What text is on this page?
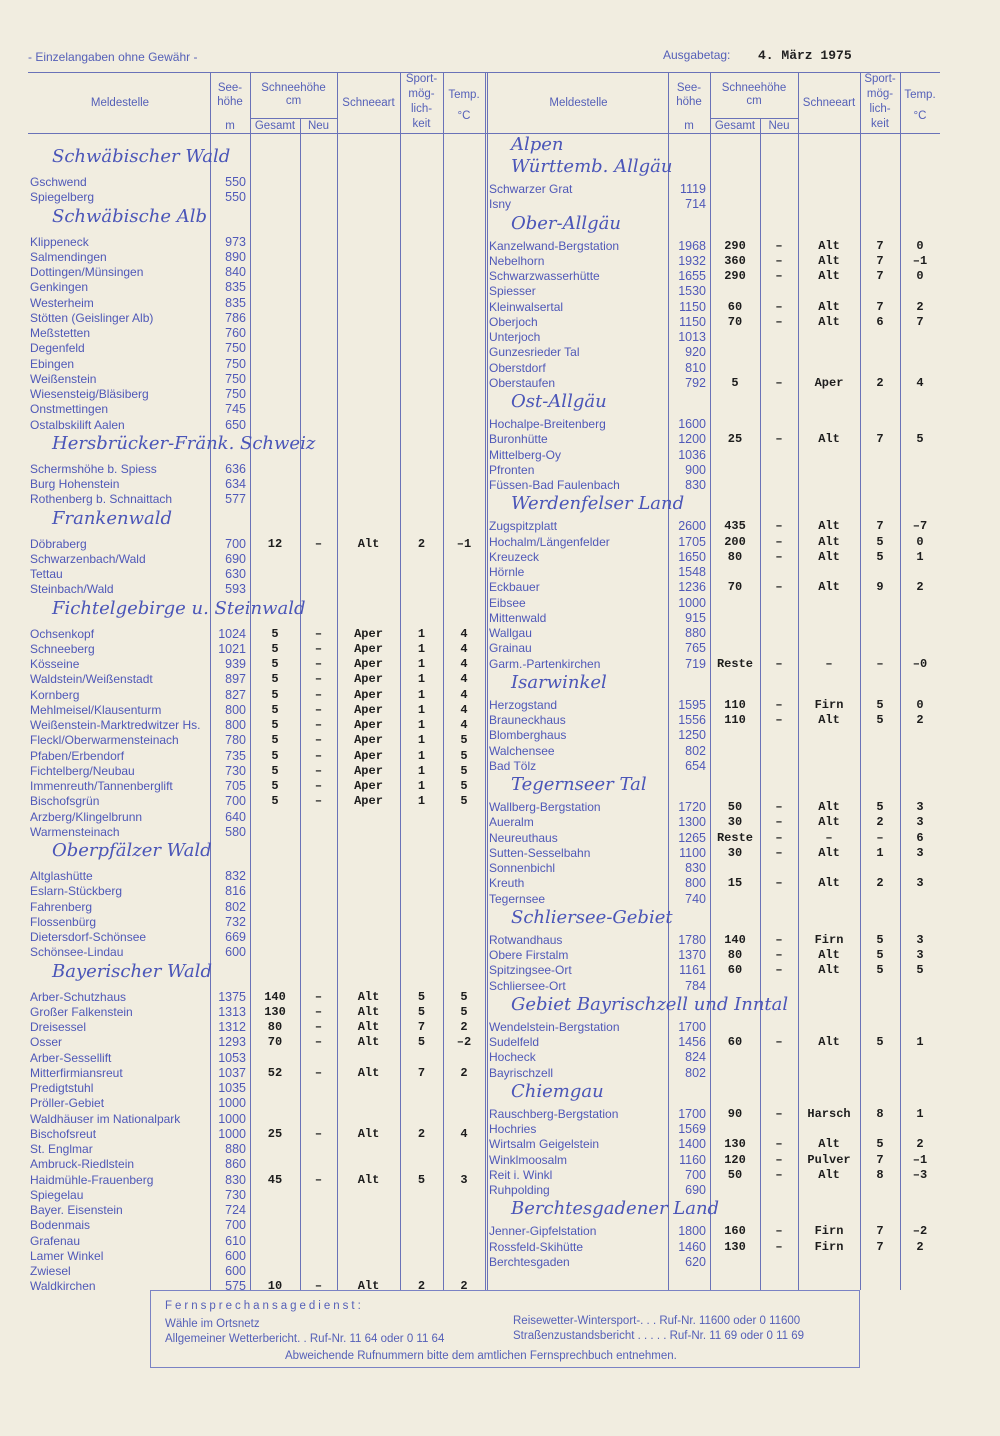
- Einzelangaben ohne Gewähr -	Ausgabetag: 4. März 1975
Meldestelle
See-
höhe
m
Schneehöhe
cm
Gesamt	Neu
Schneeart
Sport-
mög-
lich-
keit
Temp.
°C
Meldestelle
See-
höhe
m
Schneehöhe
cm
Gesamt	Neu
Schneeart
Sport-
mög-
lich-
keit
Temp.
°C
Schwäbischer Wald
Gschwend	550
Spiegelberg	550
Schwäbische Alb
Klippeneck	973
Salmendingen	890
Dottingen/Münsingen	840
Genkingen	835
Westerheim	835
Stötten (Geislinger Alb)	786
Meßstetten	760
Degenfeld	750
Ebingen	750
Weißenstein	750
Wiesensteig/Bläsiberg	750
Onstmettingen	745
Ostalbskilift Aalen	650
Hersbrücker-Fränk. Schweiz
Schermshöhe b. Spiess	636
Burg Hohenstein	634
Rothenberg b. Schnaittach	577
Frankenwald
Döbraberg	700	12	–	Alt	2	–1
Schwarzenbach/Wald	690
Tettau	630
Steinbach/Wald	593
Fichtelgebirge u. Steinwald
Ochsenkopf	1024	5	–	Aper	1	4
Schneeberg	1021	5	–	Aper	1	4
Kösseine	939	5	–	Aper	1	4
Waldstein/Weißenstadt	897	5	–	Aper	1	4
Kornberg	827	5	–	Aper	1	4
Mehlmeisel/Klausenturm	800	5	–	Aper	1	4
Weißenstein-Marktredwitzer Hs.	800	5	–	Aper	1	4
Fleckl/Oberwarmensteinach	780	5	–	Aper	1	5
Pfaben/Erbendorf	735	5	–	Aper	1	5
Fichtelberg/Neubau	730	5	–	Aper	1	5
Immenreuth/Tannenberglift	705	5	–	Aper	1	5
Bischofsgrün	700	5	–	Aper	1	5
Arzberg/Klingelbrunn	640
Warmensteinach	580
Oberpfälzer Wald
Altglashütte	832
Eslarn-Stückberg	816
Fahrenberg	802
Flossenbürg	732
Dietersdorf-Schönsee	669
Schönsee-Lindau	600
Bayerischer Wald
Arber-Schutzhaus	1375	140	–	Alt	5	5
Großer Falkenstein	1313	130	–	Alt	5	5
Dreisessel	1312	80	–	Alt	7	2
Osser	1293	70	–	Alt	5	–2
Arber-Sessellift	1053
Mitterfirmiansreut	1037	52	–	Alt	7	2
Predigtstuhl	1035
Pröller-Gebiet	1000
Waldhäuser im Nationalpark	1000
Bischofsreut	1000	25	–	Alt	2	4
St. Englmar	880
Ambruck-Riedlstein	860
Haidmühle-Frauenberg	830	45	–	Alt	5	3
Spiegelau	730
Bayer. Eisenstein	724
Bodenmais	700
Grafenau	610
Lamer Winkel	600
Zwiesel	600
Waldkirchen	575	10	–	Alt	2	2
Alpen
Württemb. Allgäu
Schwarzer Grat	1119
Isny	714
Ober-Allgäu
Kanzelwand-Bergstation	1968	290	–	Alt	7	0
Nebelhorn	1932	360	–	Alt	7	–1
Schwarzwasserhütte	1655	290	–	Alt	7	0
Spiesser	1530
Kleinwalsertal	1150	60	–	Alt	7	2
Oberjoch	1150	70	–	Alt	6	7
Unterjoch	1013
Gunzesrieder Tal	920
Oberstdorf	810
Oberstaufen	792	5	–	Aper	2	4
Ost-Allgäu
Hochalpe-Breitenberg	1600
Buronhütte	1200	25	–	Alt	7	5
Mittelberg-Oy	1036
Pfronten	900
Füssen-Bad Faulenbach	830
Werdenfelser Land
Zugspitzplatt	2600	435	–	Alt	7	–7
Hochalm/Längenfelder	1705	200	–	Alt	5	0
Kreuzeck	1650	80	–	Alt	5	1
Hörnle	1548
Eckbauer	1236	70	–	Alt	9	2
Eibsee	1000
Mittenwald	915
Wallgau	880
Grainau	765
Garm.-Partenkirchen	719 Reste	–	–	–	–0
Isarwinkel
Herzogstand	1595	110	–	Firn	5	0
Brauneckhaus	1556	110	–	Alt	5	2
Blomberghaus	1250
Walchensee	802
Bad Tölz	654
Tegernseer Tal
Wallberg-Bergstation	1720	50	–	Alt	5	3
Aueralm	1300	30	–	Alt	2	3
Neureuthaus	1265 Reste	–	–	–	6
Sutten-Sesselbahn	1100	30	–	Alt	1	3
Sonnenbichl	830
Kreuth	800	15	–	Alt	2	3
Tegernsee	740
Schliersee-Gebiet
Rotwandhaus	1780	140	–	Firn	5	3
Obere Firstalm	1370	80	–	Alt	5	3
Spitzingsee-Ort	1161	60	–	Alt	5	5
Schliersee-Ort	784
Gebiet Bayrischzell und Inntal
Wendelstein-Bergstation	1700
Sudelfeld	1456	60	–	Alt	5	1
Hocheck	824
Bayrischzell	802
Chiemgau
Rauschberg-Bergstation	1700	90	–	Harsch	8	1
Hochries	1569
Wirtsalm Geigelstein	1400	130	–	Alt	5	2
Winklmoosalm	1160	120	–	Pulver	7	–1
Reit i. Winkl	700	50	–	Alt	8	–3
Ruhpolding	690
Berchtesgadener Land
Jenner-Gipfelstation	1800	160	–	Firn	7	–2
Rossfeld-Skihütte	1460	130	–	Firn	7	2
Berchtesgaden	620
Fernsprechansagedienst:
Wähle im Ortsnetz
Allgemeiner Wetterbericht. . Ruf-Nr. 11 64 oder 0 11 64
Reisewetter-Wintersport-. . . Ruf-Nr. 11600 oder 0 11600
Straßenzustandsbericht . . . . . Ruf-Nr. 11 69 oder 0 11 69
Abweichende Rufnummern bitte dem amtlichen Fernsprechbuch entnehmen.
